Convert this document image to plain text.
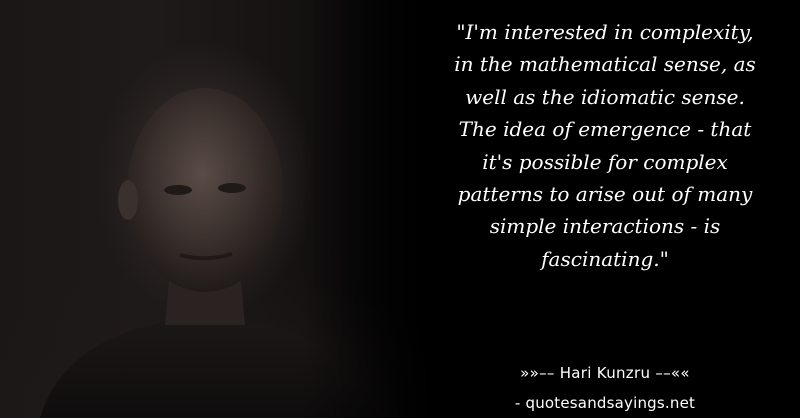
"I'm interested in complexity,
in the mathematical sense, as
well as the idiomatic sense.
The idea of emergence - that
it's possible for complex
patterns to arise out of many
simple interactions - is
fascinating."

»»–– Hari Kunzru ––««

- quotesandsayings.net
